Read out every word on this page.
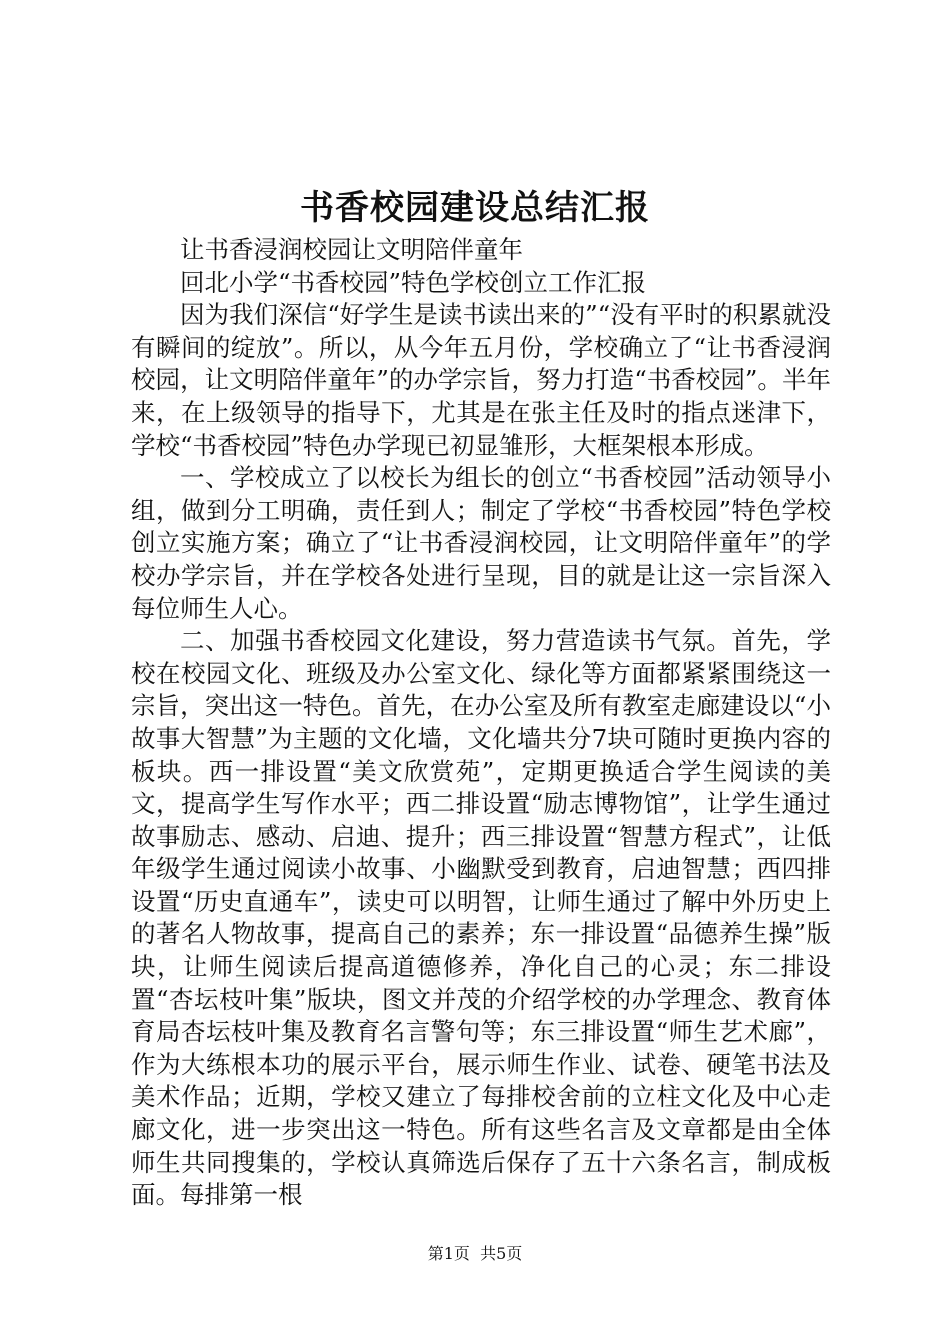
书香校园建设总结汇报

让书香浸润校园让文明陪伴童年

回北小学“书香校园”特色学校创立工作汇报

因为我们深信“好学生是读书读出来的”“没有平时的积累就没有瞬间的绽放”。所以，从今年五月份，学校确立了“让书香浸润校园，让文明陪伴童年”的办学宗旨，努力打造“书香校园”。半年来，在上级领导的指导下，尤其是在张主任及时的指点迷津下，学校“书香校园”特色办学现已初显雏形，大框架根本形成。

一、学校成立了以校长为组长的创立“书香校园”活动领导小组，做到分工明确，责任到人；制定了学校“书香校园”特色学校创立实施方案；确立了“让书香浸润校园，让文明陪伴童年”的学校办学宗旨，并在学校各处进行呈现，目的就是让这一宗旨深入每位师生人心。

二、加强书香校园文化建设，努力营造读书气氛。首先，学校在校园文化、班级及办公室文化、绿化等方面都紧紧围绕这一宗旨，突出这一特色。首先，在办公室及所有教室走廊建设以“小故事大智慧”为主题的文化墙，文化墙共分7块可随时更换内容的板块。西一排设置“美文欣赏苑”，定期更换适合学生阅读的美文，提高学生写作水平；西二排设置“励志博物馆”，让学生通过故事励志、感动、启迪、提升；西三排设置“智慧方程式”，让低年级学生通过阅读小故事、小幽默受到教育，启迪智慧；西四排设置“历史直通车”，读史可以明智，让师生通过了解中外历史上的著名人物故事，提高自己的素养；东一排设置“品德养生操”版块，让师生阅读后提高道德修养，净化自己的心灵；东二排设置“杏坛枝叶集”版块，图文并茂的介绍学校的办学理念、教育体育局杏坛枝叶集及教育名言警句等；东三排设置“师生艺术廊”，作为大练根本功的展示平台，展示师生作业、试卷、硬笔书法及美术作品；近期，学校又建立了每排校舍前的立柱文化及中心走廊文化，进一步突出这一特色。所有这些名言及文章都是由全体师生共同搜集的，学校认真筛选后保存了五十六条名言，制成板面。每排第一根

第1页  共5页
